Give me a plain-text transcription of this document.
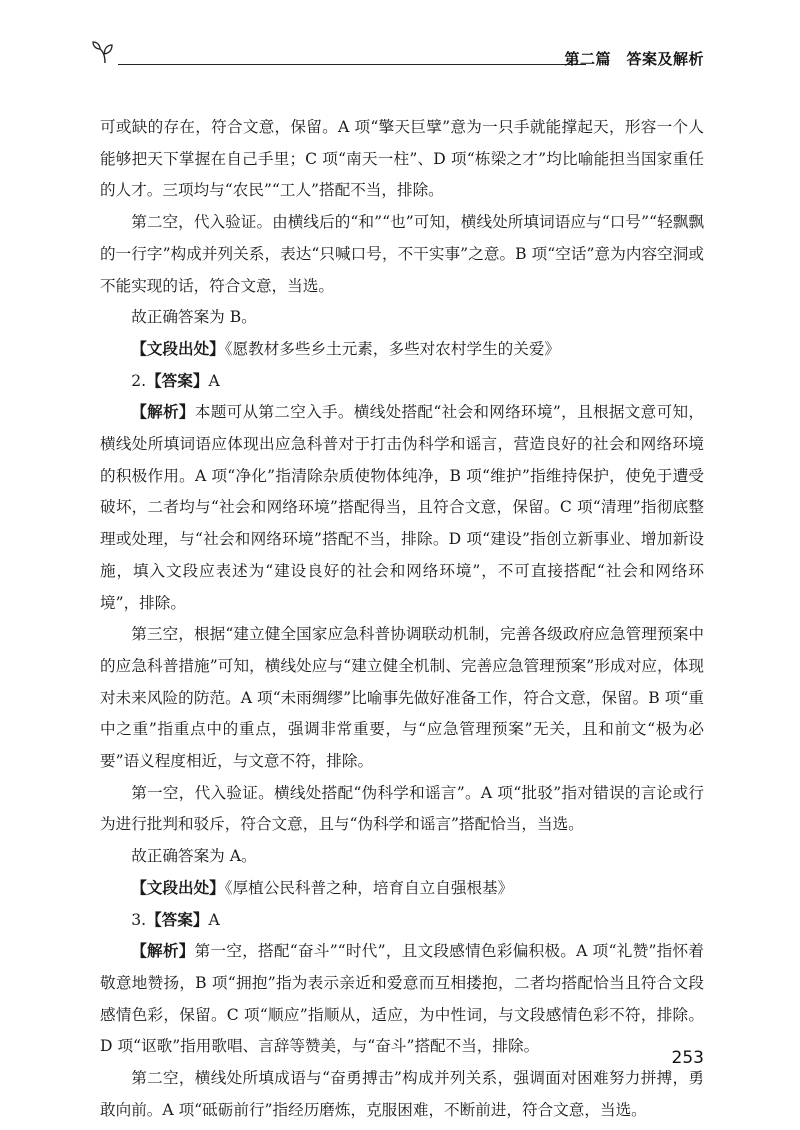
第二篇　答案及解析

可或缺的存在，符合文意，保留。A 项“擎天巨擘”意为一只手就能撑起天，形容一个人能够把天下掌握在自己手里；C 项“南天一柱”、D 项“栋梁之才”均比喻能担当国家重任的人才。三项均与“农民”“工人”搭配不当，排除。

第二空，代入验证。由横线后的“和”“也”可知，横线处所填词语应与“口号”“轻飘飘的一行字”构成并列关系，表达“只喊口号，不干实事”之意。B 项“空话”意为内容空洞或不能实现的话，符合文意，当选。

故正确答案为 B。

【文段出处】《愿教材多些乡土元素，多些对农村学生的关爱》

2.【答案】A

【解析】本题可从第二空入手。横线处搭配“社会和网络环境”，且根据文意可知，横线处所填词语应体现出应急科普对于打击伪科学和谣言，营造良好的社会和网络环境的积极作用。A 项“净化”指清除杂质使物体纯净，B 项“维护”指维持保护，使免于遭受破坏，二者均与“社会和网络环境”搭配得当，且符合文意，保留。C 项“清理”指彻底整理或处理，与“社会和网络环境”搭配不当，排除。D 项“建设”指创立新事业、增加新设施，填入文段应表述为“建设良好的社会和网络环境”，不可直接搭配“社会和网络环境”，排除。

第三空，根据“建立健全国家应急科普协调联动机制，完善各级政府应急管理预案中的应急科普措施”可知，横线处应与“建立健全机制、完善应急管理预案”形成对应，体现对未来风险的防范。A 项“未雨绸缪”比喻事先做好准备工作，符合文意，保留。B 项“重中之重”指重点中的重点，强调非常重要，与“应急管理预案”无关，且和前文“极为必要”语义程度相近，与文意不符，排除。

第一空，代入验证。横线处搭配“伪科学和谣言”。A 项“批驳”指对错误的言论或行为进行批判和驳斥，符合文意，且与“伪科学和谣言”搭配恰当，当选。

故正确答案为 A。

【文段出处】《厚植公民科普之种，培育自立自强根基》

3.【答案】A

【解析】第一空，搭配“奋斗”“时代”，且文段感情色彩偏积极。A 项“礼赞”指怀着敬意地赞扬，B 项“拥抱”指为表示亲近和爱意而互相搂抱，二者均搭配恰当且符合文段感情色彩，保留。C 项“顺应”指顺从，适应，为中性词，与文段感情色彩不符，排除。D 项“讴歌”指用歌唱、言辞等赞美，与“奋斗”搭配不当，排除。

第二空，横线处所填成语与“奋勇搏击”构成并列关系，强调面对困难努力拼搏，勇敢向前。A 项“砥砺前行”指经历磨炼，克服困难，不断前进，符合文意，当选。

253
